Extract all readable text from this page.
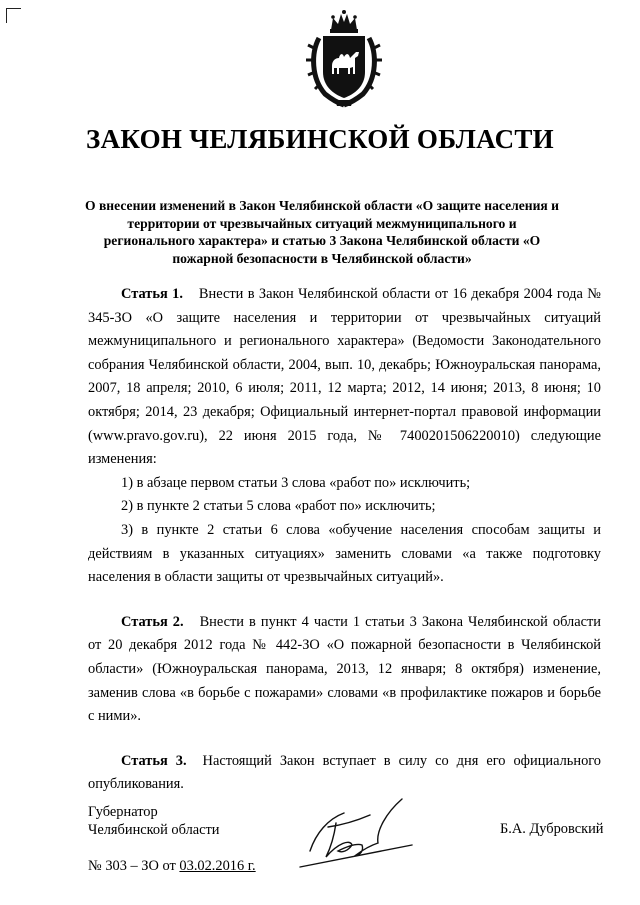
ЗАКОН ЧЕЛЯБИНСКОЙ ОБЛАСТИ
О внесении изменений в Закон Челябинской области «О защите населения и территории от чрезвычайных ситуаций межмуниципального и регионального характера» и статью 3 Закона Челябинской области «О пожарной безопасности в Челябинской области»

Статья 1. Внести в Закон Челябинской области от 16 декабря 2004 года № 345-ЗО «О защите населения и территории от чрезвычайных ситуаций межмуниципального и регионального характера» (Ведомости Законодательного собрания Челябинской области, 2004, вып. 10, декабрь; Южноуральская панорама, 2007, 18 апреля; 2010, 6 июля; 2011, 12 марта; 2012, 14 июня; 2013, 8 июня; 10 октября; 2014, 23 декабря; Официальный интернет-портал правовой информации (www.pravo.gov.ru), 22 июня 2015 года, № 7400201506220010) следующие изменения:

1) в абзаце первом статьи 3 слова «работ по» исключить;

2) в пункте 2 статьи 5 слова «работ по» исключить;

3) в пункте 2 статьи 6 слова «обучение населения способам защиты и действиям в указанных ситуациях» заменить словами «а также подготовку населения в области защиты от чрезвычайных ситуаций».

Статья 2. Внести в пункт 4 части 1 статьи 3 Закона Челябинской области от 20 декабря 2012 года № 442-ЗО «О пожарной безопасности в Челябинской области» (Южноуральская панорама, 2013, 12 января; 8 октября) изменение, заменив слова «в борьбе с пожарами» словами «в профилактике пожаров и борьбе с ними».

Статья 3. Настоящий Закон вступает в силу со дня его официального опубликования.

Губернатор
Челябинской области	Б.А. Дубровский
№ 303 – ЗО от 03.02.2016 г.
